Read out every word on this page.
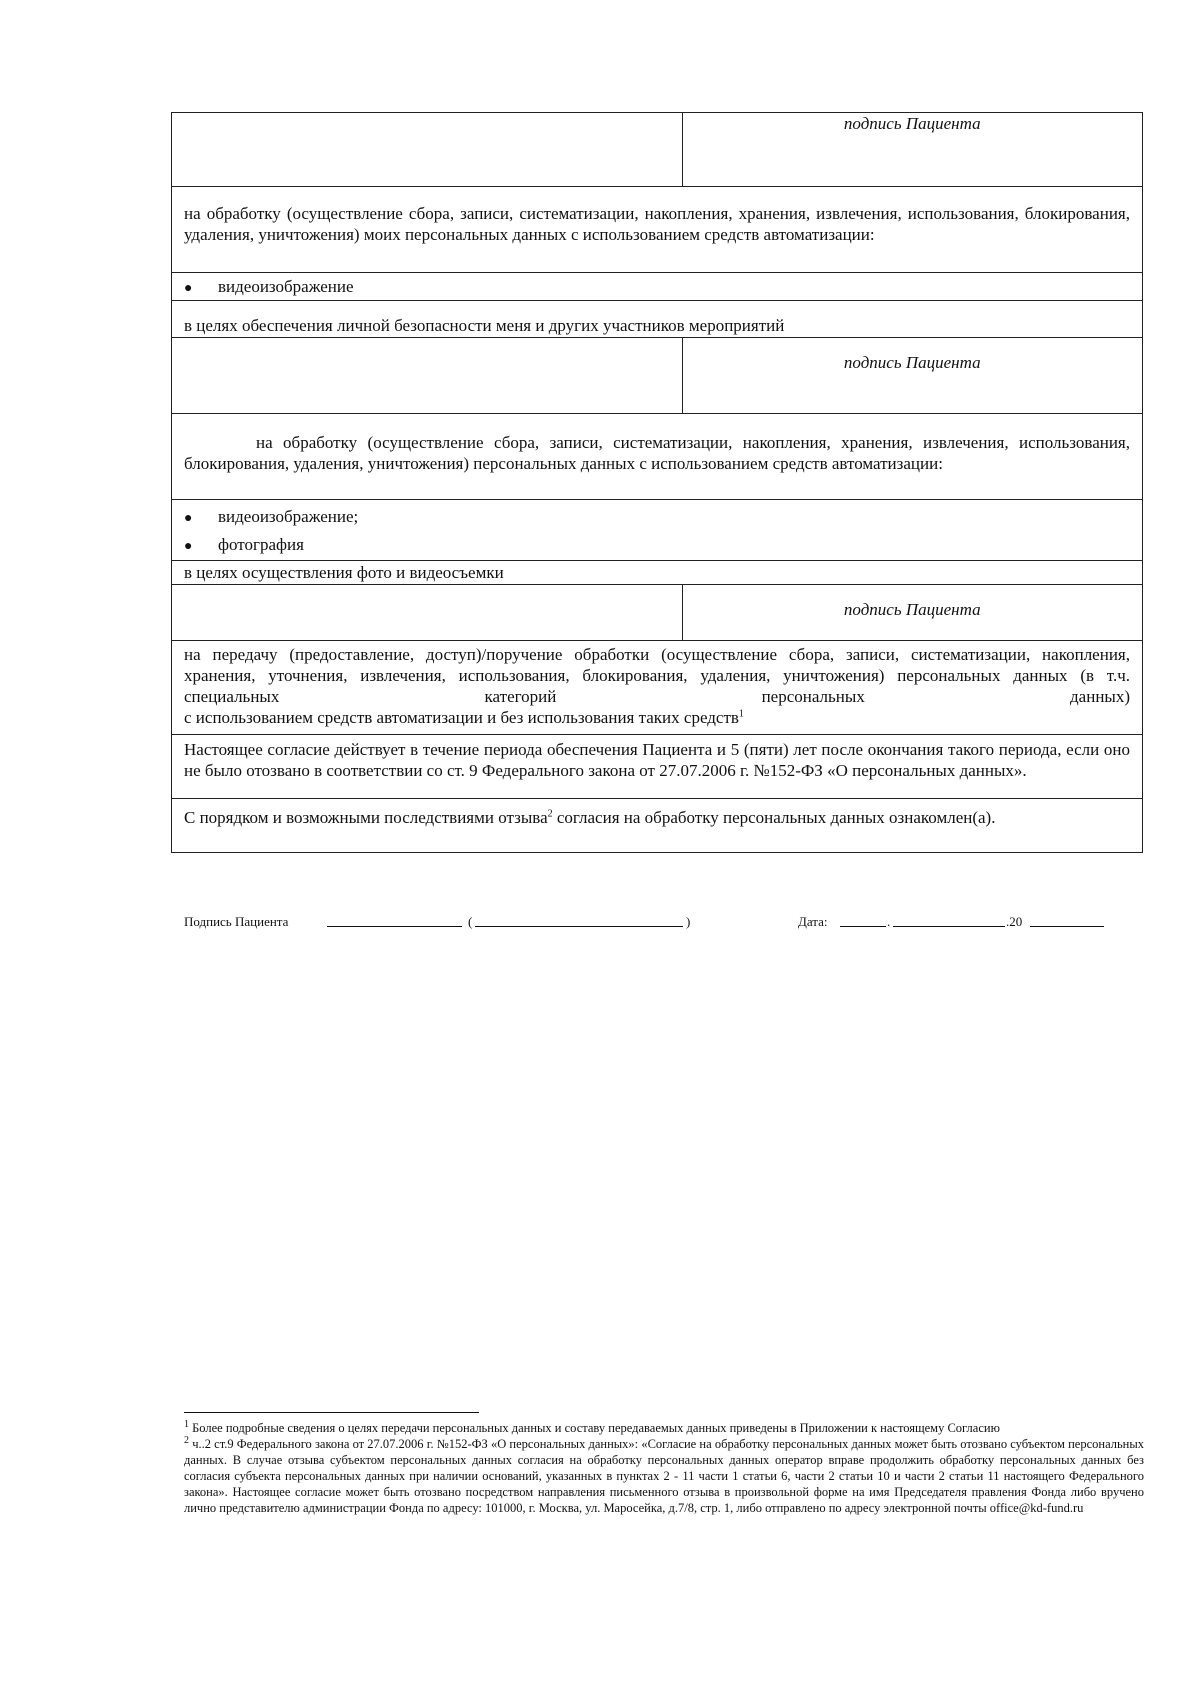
	подпись Пациента
на обработку (осуществление сбора, записи, систематизации, накопления, хранения, извлечения, использования, блокирования, удаления, уничтожения) моих персональных данных с использованием средств автоматизации:	
● видеоизображение	
в целях обеспечения личной безопасности меня и других участников мероприятий	
	подпись Пациента
на обработку (осуществление сбора, записи, систематизации, накопления, хранения, извлечения, использования, блокирования, удаления, уничтожения) персональных данных с использованием средств автоматизации:	

● видеоизображение;
● фотография	

в целях осуществления фото и видеосъемки	
	подпись Пациента

на передачу (предоставление, доступ)/поручение обработки (осуществление сбора, записи, систематизации, накопления, хранения, уточнения, извлечения, использования, блокирования, удаления, уничтожения) персональных данных (в т.ч. специальных категорий персональных данных)
с использованием средств автоматизации и без использования таких средств$^1$

Настоящее согласие действует в течение периода обеспечения Пациента и 5 (пяти) лет после окончания такого периода, если оно не было отозвано в соответствии со ст. 9 Федерального закона от 27.07.2006 г. №152-ФЗ «О персональных данных».	
С порядком и возможными последствиями отзыва$^2$ согласия на обработку персональных данных ознакомлен(а).	
Подпись Пациента	(	)	Дата:	.	.20

$^1$ Более подробные сведения о целях передачи персональных данных и составу передаваемых данных приведены в Приложении к настоящему Согласию

$^2$ ч..2 ст.9 Федерального закона от 27.07.2006 г. №152-ФЗ «О персональных данных»: «Согласие на обработку персональных данных может быть отозвано субъектом персональных данных. В случае отзыва субъектом персональных данных согласия на обработку персональных данных оператор вправе продолжить обработку персональных данных без согласия субъекта персональных данных при наличии оснований, указанных в пунктах 2 - 11 части 1 статьи 6, части 2 статьи 10 и части 2 статьи 11 настоящего Федерального закона». Настоящее согласие может быть отозвано посредством направления письменного отзыва в произвольной форме на имя Председателя правления Фонда либо вручено лично представителю администрации Фонда по адресу: 101000, г. Москва, ул. Маросейка, д.7/8, стр. 1, либо отправлено по адресу электронной почты office@kd-fund.ru
